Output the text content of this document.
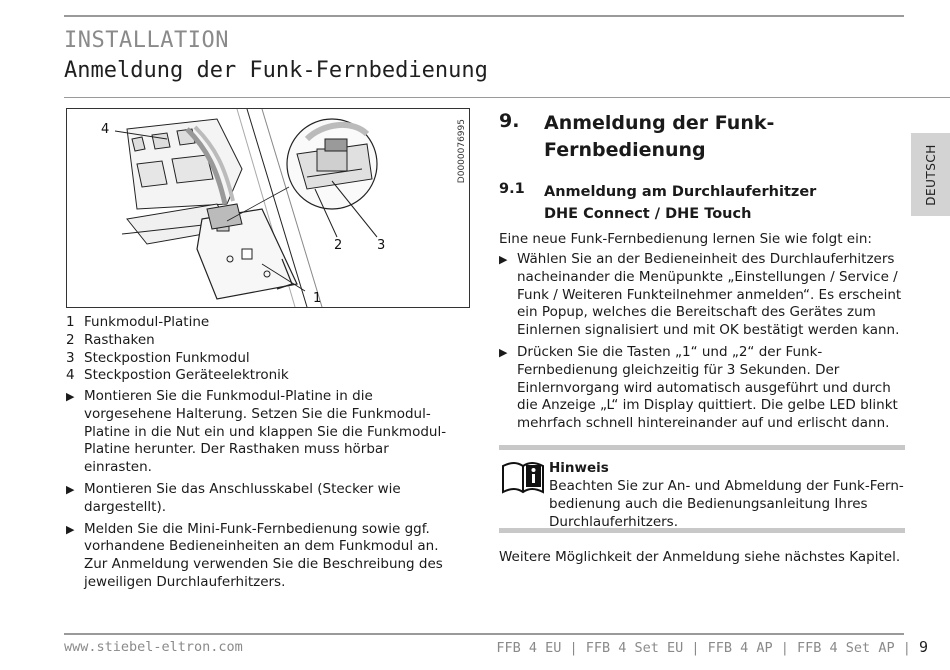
INSTALLATION
Anmeldung der Funk-Fernbedienung
DEUTSCH
4
2	3
1
D0000076995
1 Funkmodul-Platine
2 Rasthaken
3 Steckpostion Funkmodul
4 Steckpostion Geräteelektronik
▶ Montieren Sie die Funkmodul-Platine in die vorgesehene Halterung. Setzen Sie die Funkmodul-Platine in die Nut ein und klappen Sie die Funkmodul-Platine herunter. Der Rasthaken muss hörbar einrasten.
▶ Montieren Sie das Anschlusskabel (Stecker wie dargestellt).
▶ Melden Sie die Mini-Funk-Fernbedienung sowie ggf. vorhandene Bedieneinheiten an dem Funkmodul an. Zur Anmeldung verwenden Sie die Beschreibung des jeweiligen Durchlauferhitzers.
9. Anmeldung der Funk-Fernbedienung
9.1 Anmeldung am Durchlauferhitzer DHE Connect / DHE Touch
Eine neue Funk-Fernbedienung lernen Sie wie folgt ein:
▶ Wählen Sie an der Bedieneinheit des Durchlauferhitzers nacheinander die Menüpunkte „Einstellungen / Service / Funk / Weiteren Funkteilnehmer anmelden“. Es erscheint ein Popup, welches die Bereitschaft des Gerätes zum Einlernen signalisiert und mit OK bestätigt werden kann.
▶ Drücken Sie die Tasten „1“ und „2“ der Funk-Fernbedienung gleichzeitig für 3 Sekunden. Der Einlernvorgang wird automatisch ausgeführt und durch die Anzeige „L“ im Display quittiert. Die gelbe LED blinkt mehrfach schnell hintereinander auf und erlischt dann.
Hinweis
Beachten Sie zur An- und Abmeldung der Funk-Fernbedienung auch die Bedienungsanleitung Ihres Durchlauferhitzers.
Weitere Möglichkeit der Anmeldung siehe nächstes Kapitel.
www.stiebel-eltron.com	FFB 4 EU | FFB 4 Set EU | FFB 4 AP | FFB 4 Set AP | 9
